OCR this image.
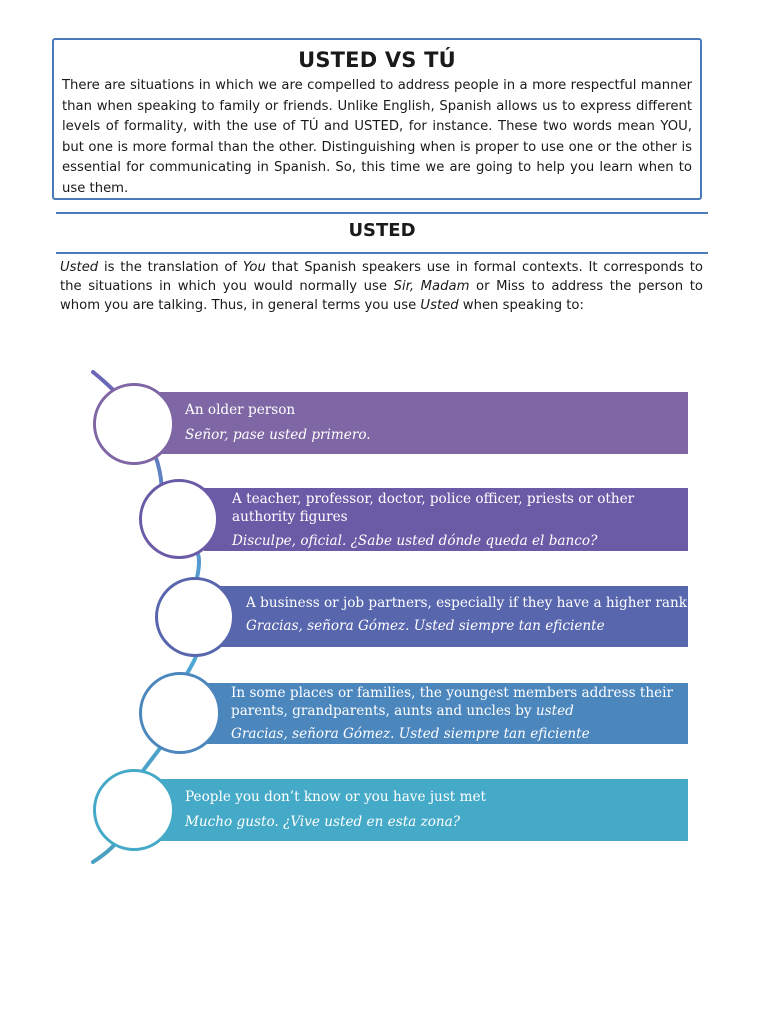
USTED VS TÚ

There are situations in which we are compelled to address people in a more respectful manner than when speaking to family or friends. Unlike English, Spanish allows us to express different levels of formality, with the use of TÚ and USTED, for instance. These two words mean YOU, but one is more formal than the other. Distinguishing when is proper to use one or the other is essential for communicating in Spanish. So, this time we are going to help you learn when to use them.

USTED

Usted is the translation of You that Spanish speakers use in formal contexts. It corresponds to the situations in which you would normally use Sir, Madam or Miss to address the person to whom you are talking. Thus, in general terms you use Usted when speaking to:

An older person
Señor, pase usted primero.
A teacher, professor, doctor, police officer, priests or other authority figures
Disculpe, oficial. ¿Sabe usted dónde queda el banco?
A business or job partners, especially if they have a higher rank
Gracias, señora Gómez. Usted siempre tan eficiente
In some places or families, the youngest members address their parents, grandparents, aunts and uncles by usted
Gracias, señora Gómez. Usted siempre tan eficiente
People you don’t know or you have just met
Mucho gusto. ¿Vive usted en esta zona?
